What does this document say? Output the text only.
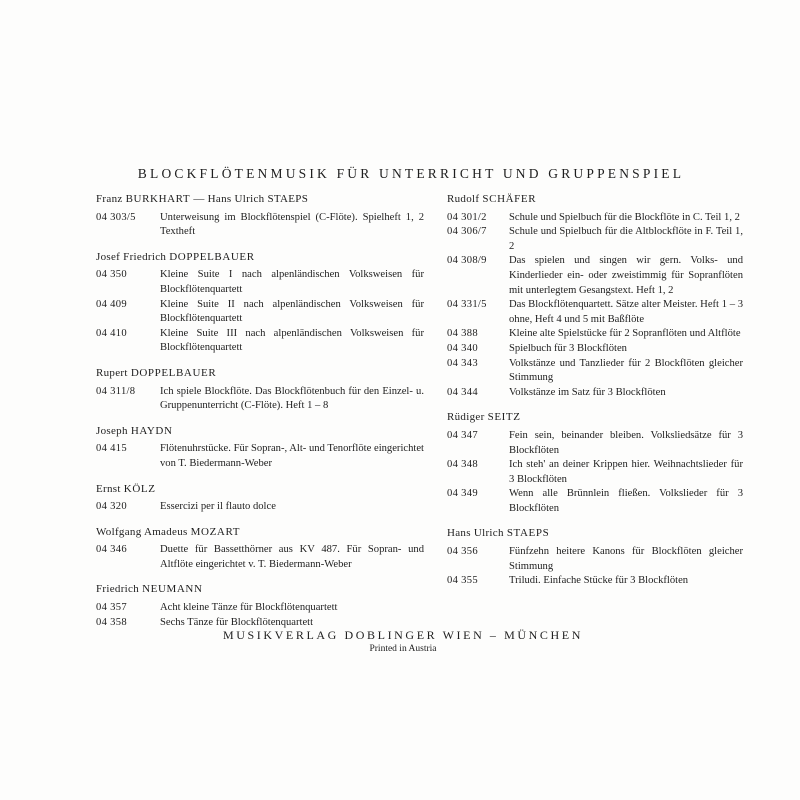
BLOCKFLÖTENMUSIK FÜR UNTERRICHT UND GRUPPENSPIEL
Franz BURKHART — Hans Ulrich STAEPS
04 303/5	Unterweisung im Blockflötenspiel (C-Flöte). Spielheft 1, 2 Textheft
Josef Friedrich DOPPELBAUER
04 350	Kleine Suite I nach alpenländischen Volksweisen für Blockflötenquartett
04 409	Kleine Suite II nach alpenländischen Volksweisen für Blockflötenquartett
04 410	Kleine Suite III nach alpenländischen Volksweisen für Blockflötenquartett
Rupert DOPPELBAUER
04 311/8	Ich spiele Blockflöte. Das Blockflötenbuch für den Einzel- u. Gruppenunterricht (C-Flöte). Heft 1 – 8
Joseph HAYDN
04 415	Flötenuhrstücke. Für Sopran-, Alt- und Tenorflöte eingerichtet von T. Biedermann-Weber
Ernst KÖLZ
04 320	Essercizi per il flauto dolce
Wolfgang Amadeus MOZART
04 346	Duette für Bassetthörner aus KV 487. Für Sopran- und Altflöte eingerichtet v. T. Biedermann-Weber
Friedrich NEUMANN
04 357	Acht kleine Tänze für Blockflötenquartett
04 358	Sechs Tänze für Blockflötenquartett
Rudolf SCHÄFER
04 301/2	Schule und Spielbuch für die Blockflöte in C. Teil 1, 2
04 306/7	Schule und Spielbuch für die Altblockflöte in F. Teil 1, 2
04 308/9	Das spielen und singen wir gern. Volks- und Kinderlieder ein- oder zweistimmig für Sopranflöten mit unterlegtem Gesangstext. Heft 1, 2
04 331/5	Das Blockflötenquartett. Sätze alter Meister. Heft 1 – 3 ohne, Heft 4 und 5 mit Baßflöte
04 388	Kleine alte Spielstücke für 2 Sopranflöten und Altflöte
04 340	Spielbuch für 3 Blockflöten
04 343	Volkstänze und Tanzlieder für 2 Blockflöten gleicher Stimmung
04 344	Volkstänze im Satz für 3 Blockflöten
Rüdiger SEITZ
04 347	Fein sein, beinander bleiben. Volksliedsätze für 3 Blockflöten
04 348	Ich steh' an deiner Krippen hier. Weihnachtslieder für 3 Blockflöten
04 349	Wenn alle Brünnlein fließen. Volkslieder für 3 Blockflöten
Hans Ulrich STAEPS
04 356	Fünfzehn heitere Kanons für Blockflöten gleicher Stimmung
04 355	Triludi. Einfache Stücke für 3 Blockflöten
MUSIKVERLAG DOBLINGER WIEN – MÜNCHEN
Printed in Austria
